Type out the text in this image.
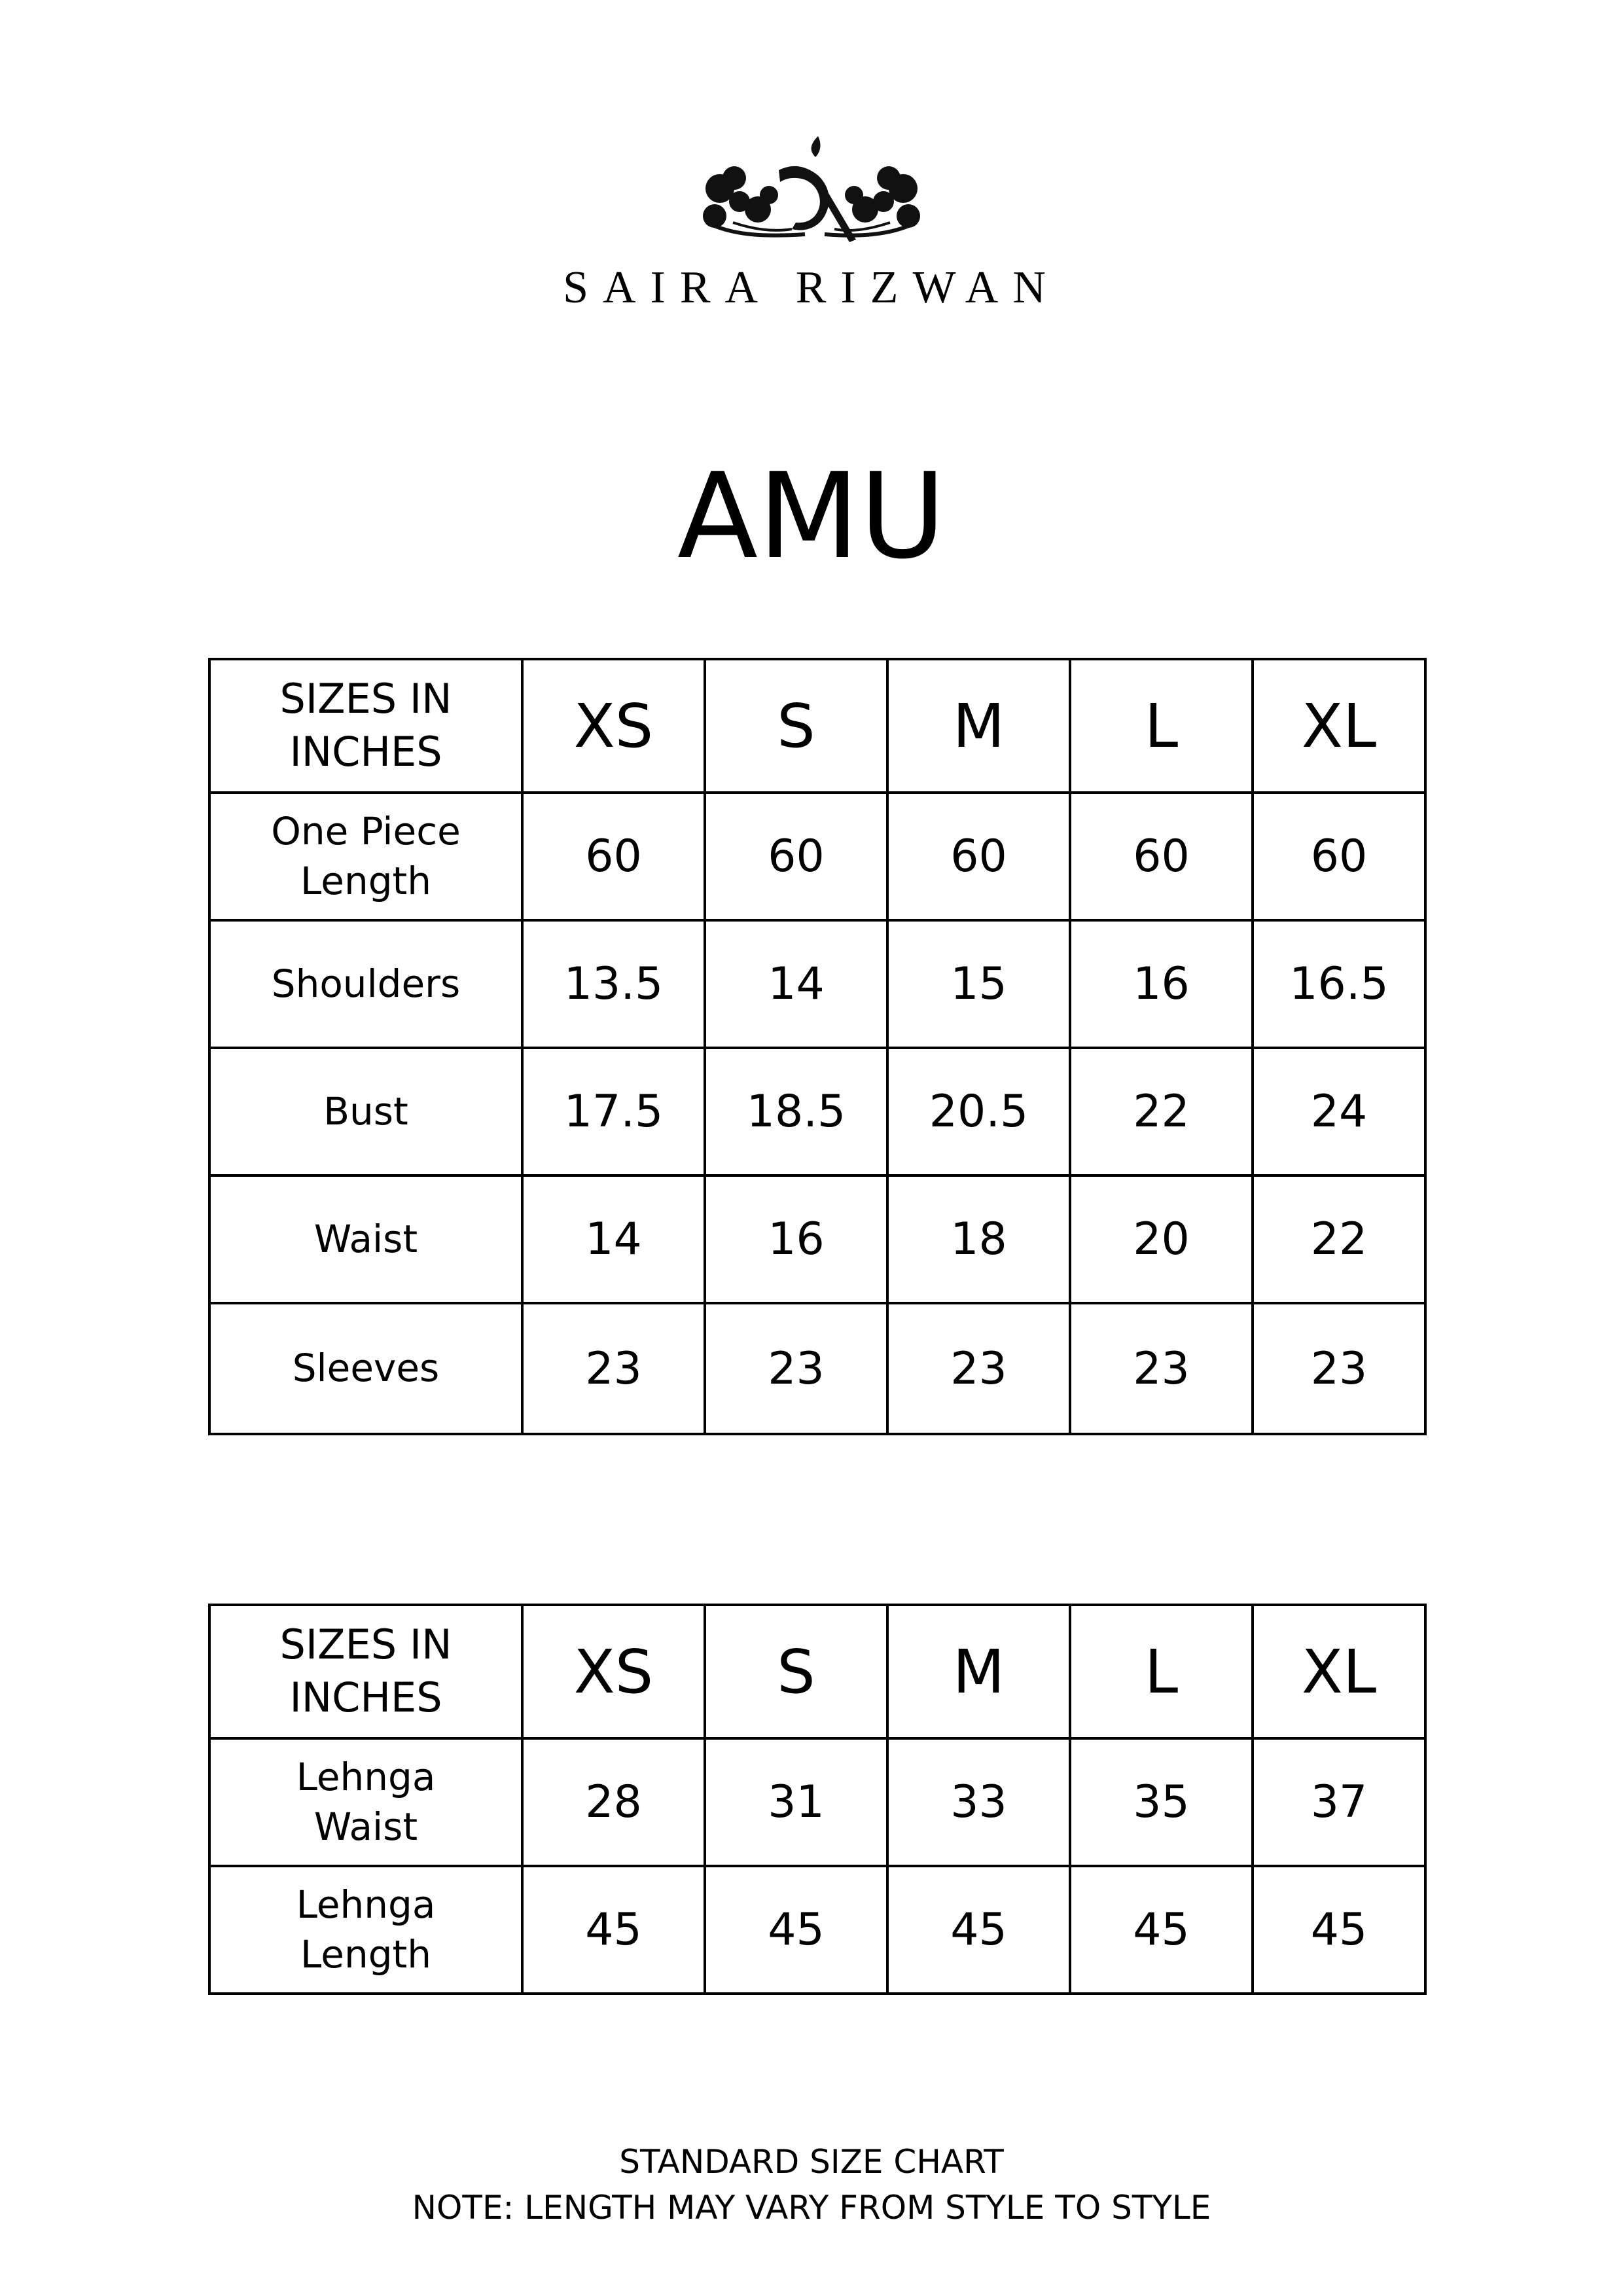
SAIRA RIZWAN
AMU
SIZES IN
INCHES	XS	S	M	L	XL
One Piece
Length	60	60	60	60	60
Shoulders	13.5	14	15	16	16.5
Bust	17.5	18.5	20.5	22	24
Waist	14	16	18	20	22
Sleeves	23	23	23	23	23
SIZES IN
INCHES	XS	S	M	L	XL
Lehnga
Waist	28	31	33	35	37
Lehnga
Length	45	45	45	45	45
STANDARD SIZE CHART
NOTE: LENGTH MAY VARY FROM STYLE TO STYLE
